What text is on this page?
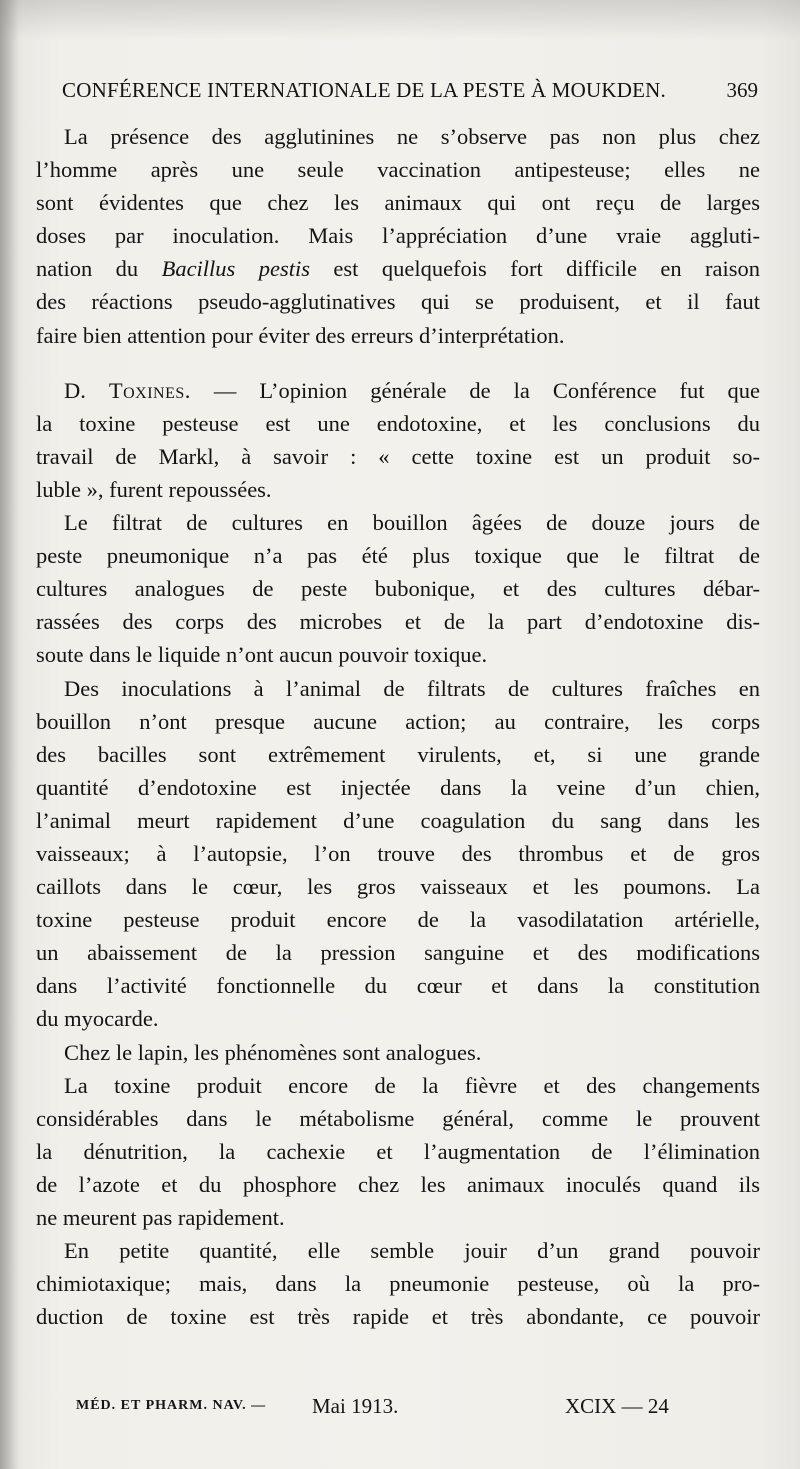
CONFÉRENCE INTERNATIONALE DE LA PESTE À MOUKDEN.	369
La présence des agglutinines ne s’observe pas non plus chez
l’homme après une seule vaccination antipesteuse; elles ne
sont évidentes que chez les animaux qui ont reçu de larges
doses par inoculation. Mais l’appréciation d’une vraie aggluti-
nation du Bacillus pestis est quelquefois fort difficile en raison
des réactions pseudo-agglutinatives qui se produisent, et il faut
faire bien attention pour éviter des erreurs d’interprétation.
D. Toxines. — L’opinion générale de la Conférence fut que
la toxine pesteuse est une endotoxine, et les conclusions du
travail de Markl, à savoir : « cette toxine est un produit so-
luble », furent repoussées.
Le filtrat de cultures en bouillon âgées de douze jours de
peste pneumonique n’a pas été plus toxique que le filtrat de
cultures analogues de peste bubonique, et des cultures débar-
rassées des corps des microbes et de la part d’endotoxine dis-
soute dans le liquide n’ont aucun pouvoir toxique.
Des inoculations à l’animal de filtrats de cultures fraîches en
bouillon n’ont presque aucune action; au contraire, les corps
des bacilles sont extrêmement virulents, et, si une grande
quantité d’endotoxine est injectée dans la veine d’un chien,
l’animal meurt rapidement d’une coagulation du sang dans les
vaisseaux; à l’autopsie, l’on trouve des thrombus et de gros
caillots dans le cœur, les gros vaisseaux et les poumons. La
toxine pesteuse produit encore de la vasodilatation artérielle,
un abaissement de la pression sanguine et des modifications
dans l’activité fonctionnelle du cœur et dans la constitution
du myocarde.
Chez le lapin, les phénomènes sont analogues.
La toxine produit encore de la fièvre et des changements
considérables dans le métabolisme général, comme le prouvent
la dénutrition, la cachexie et l’augmentation de l’élimination
de l’azote et du phosphore chez les animaux inoculés quand ils
ne meurent pas rapidement.
En petite quantité, elle semble jouir d’un grand pouvoir
chimiotaxique; mais, dans la pneumonie pesteuse, où la pro-
duction de toxine est très rapide et très abondante, ce pouvoir
MÉD. ET PHARM. NAV. — Mai 1913.	XCIX — 24
